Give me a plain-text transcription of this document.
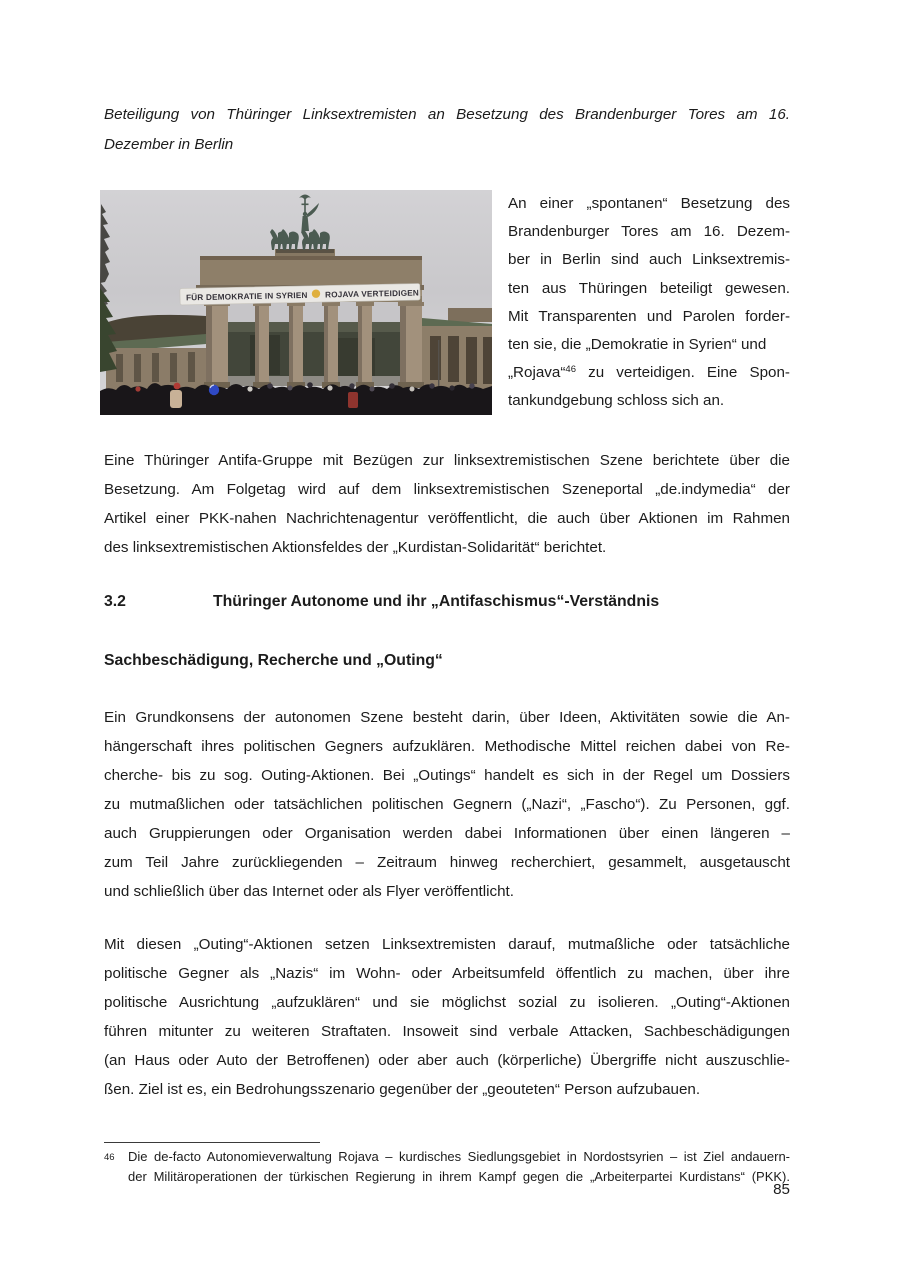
Beteiligung von Thüringer Linksextremisten an Besetzung des Brandenburger Tores am 16.
Dezember in Berlin
FÜR DEMOKRATIE IN SYRIEN ROJAVA VERTEIDIGEN
An einer „spontanen“ Besetzung des
Brandenburger Tores am 16. Dezem-
ber in Berlin sind auch Linksextremis-
ten aus Thüringen beteiligt gewesen.
Mit Transparenten und Parolen forder-
ten sie, die „Demokratie in Syrien“ und
„Rojava“$^{46}$ zu verteidigen. Eine Spon-
tankundgebung schloss sich an.
Eine Thüringer Antifa-Gruppe mit Bezügen zur linksextremistischen Szene berichtete über die
Besetzung. Am Folgetag wird auf dem linksextremistischen Szeneportal „de.indymedia“ der
Artikel einer PKK-nahen Nachrichtenagentur veröffentlicht, die auch über Aktionen im Rahmen
des linksextremistischen Aktionsfeldes der „Kurdistan-Solidarität“ berichtet.
3.2	Thüringer Autonome und ihr „Antifaschismus“-Verständnis
Sachbeschädigung, Recherche und „Outing“
Ein Grundkonsens der autonomen Szene besteht darin, über Ideen, Aktivitäten sowie die An-
hängerschaft ihres politischen Gegners aufzuklären. Methodische Mittel reichen dabei von Re-
cherche- bis zu sog. Outing-Aktionen. Bei „Outings“ handelt es sich in der Regel um Dossiers
zu mutmaßlichen oder tatsächlichen politischen Gegnern („Nazi“, „Fascho“). Zu Personen, ggf.
auch Gruppierungen oder Organisation werden dabei Informationen über einen längeren –
zum Teil Jahre zurückliegenden – Zeitraum hinweg recherchiert, gesammelt, ausgetauscht
und schließlich über das Internet oder als Flyer veröffentlicht.
Mit diesen „Outing“-Aktionen setzen Linksextremisten darauf, mutmaßliche oder tatsächliche
politische Gegner als „Nazis“ im Wohn- oder Arbeitsumfeld öffentlich zu machen, über ihre
politische Ausrichtung „aufzuklären“ und sie möglichst sozial zu isolieren. „Outing“-Aktionen
führen mitunter zu weiteren Straftaten. Insoweit sind verbale Attacken, Sachbeschädigungen
(an Haus oder Auto der Betroffenen) oder aber auch (körperliche) Übergriffe nicht auszuschlie-
ßen. Ziel ist es, ein Bedrohungsszenario gegenüber der „geouteten“ Person aufzubauen.
46	Die de-facto Autonomieverwaltung Rojava – kurdisches Siedlungsgebiet in Nordostsyrien – ist Ziel andauern-
der Militäroperationen der türkischen Regierung in ihrem Kampf gegen die „Arbeiterpartei Kurdistans“ (PKK).
85
